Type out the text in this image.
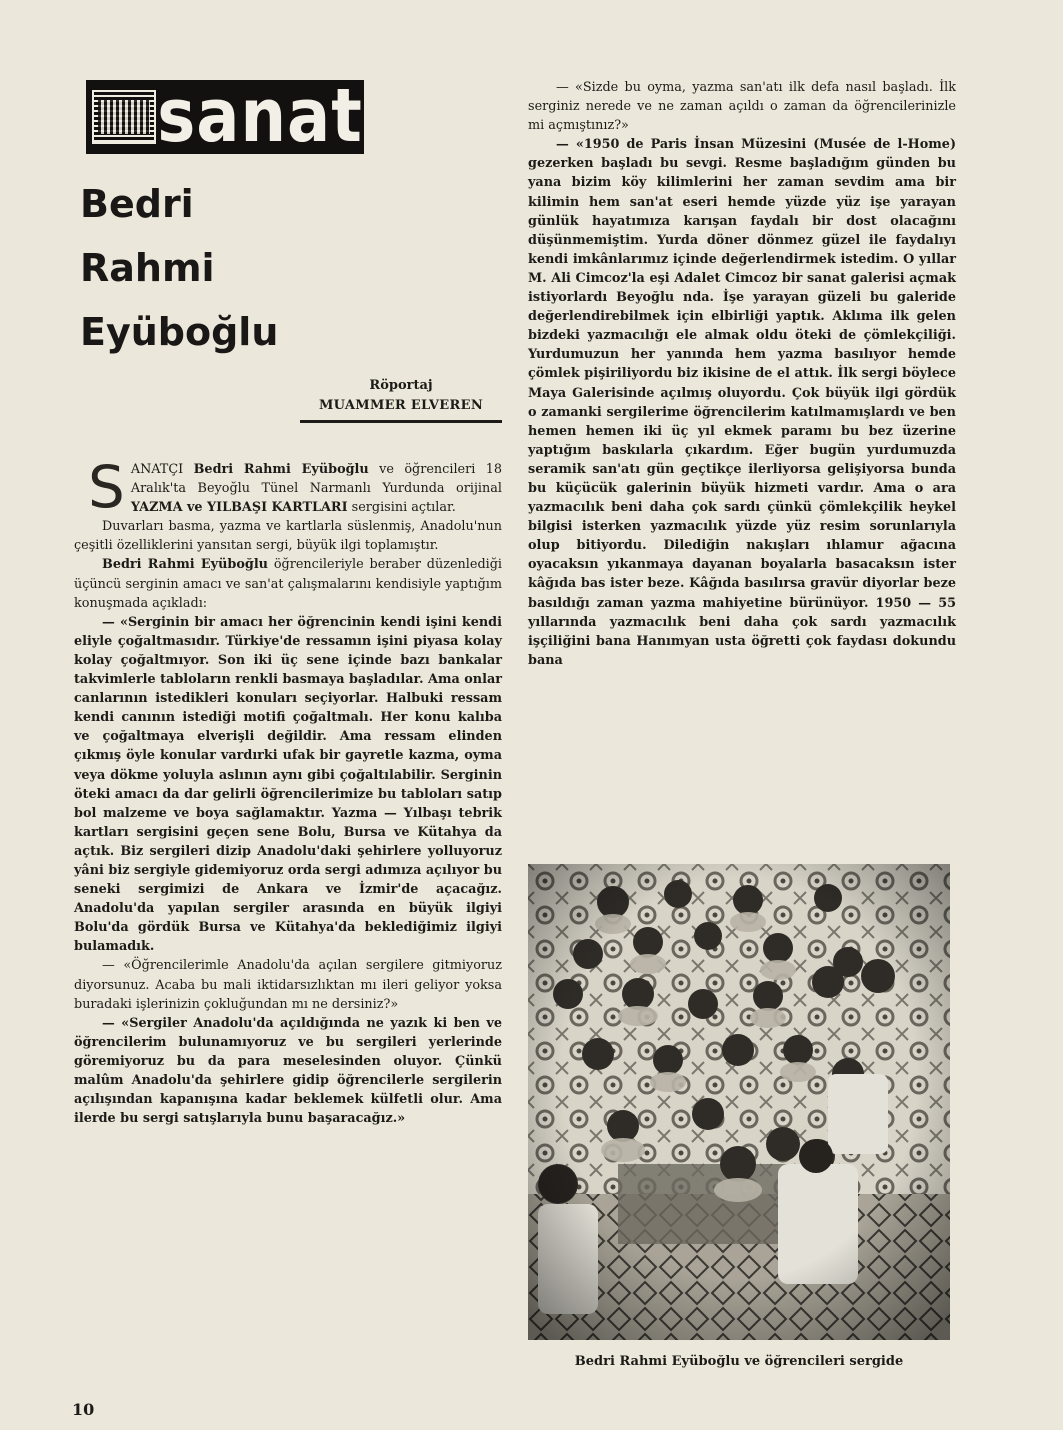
sanat
Bedri
Rahmi
Eyüboğlu
Röportaj
MUAMMER ELVEREN

SANATÇI Bedri Rahmi Eyüboğlu ve öğrencileri 18 Aralık'ta Beyoğlu Tünel Narmanlı Yurdunda orijinal YAZMA ve YILBAŞI KARTLARI sergisini açtılar.

Duvarları basma, yazma ve kartlarla süslenmiş, Anadolu'nun çeşitli özelliklerini yansıtan sergi, büyük ilgi toplamıştır.

Bedri Rahmi Eyüboğlu öğrencileriyle beraber düzenlediği üçüncü serginin amacı ve san'at çalışmalarını kendisiyle yaptığım konuşmada açıkladı:

— «Serginin bir amacı her öğrencinin kendi işini kendi eliyle çoğaltmasıdır. Türkiye'de ressamın işini piyasa kolay kolay çoğaltmıyor. Son iki üç sene içinde bazı bankalar takvimlerle tabloların renkli basmaya başladılar. Ama onlar canlarının istedikleri konuları seçiyorlar. Halbuki ressam kendi canının istediği motifi çoğaltmalı. Her konu kalıba ve çoğaltmaya elverişli değildir. Ama ressam elinden çıkmış öyle konular vardırki ufak bir gayretle kazma, oyma veya dökme yoluyla aslının aynı gibi çoğaltılabilir. Serginin öteki amacı da dar gelirli öğrencilerimize bu tabloları satıp bol malzeme ve boya sağlamaktır. Yazma — Yılbaşı tebrik kartları sergisini geçen sene Bolu, Bursa ve Kütahya da açtık. Biz sergileri dizip Anadolu'daki şehirlere yolluyoruz yâni biz sergiyle gidemiyoruz orda sergi adımıza açılıyor bu seneki sergimizi de Ankara ve İzmir'de açacağız. Anadolu'da yapılan sergiler arasında en büyük ilgiyi Bolu'da gördük Bursa ve Kütahya'da beklediğimiz ilgiyi bulamadık.

— «Öğrencilerimle Anadolu'da açılan sergilere gitmiyoruz diyorsunuz. Acaba bu mali iktidarsızlıktan mı ileri geliyor yoksa buradaki işlerinizin çokluğundan mı ne dersiniz?»

— «Sergiler Anadolu'da açıldığında ne yazık ki ben ve öğrencilerim bulunamıyoruz ve bu sergileri yerlerinde göremiyoruz bu da para meselesinden oluyor. Çünkü malûm Anadolu'da şehirlere gidip öğrencilerle sergilerin açılışından kapanışına kadar beklemek külfetli olur. Ama ilerde bu sergi satışlarıyla bunu başaracağız.»

— «Sizde bu oyma, yazma san'atı ilk defa nasıl başladı. İlk serginiz nerede ve ne zaman açıldı o zaman da öğrencilerinizle mi açmıştınız?»

— «1950 de Paris İnsan Müzesini (Musée de l-Home) gezerken başladı bu sevgi. Resme başladığım günden bu yana bizim köy kilimlerini her zaman sevdim ama bir kilimin hem san'at eseri hemde yüzde yüz işe yarayan günlük hayatımıza karışan faydalı bir dost olacağını düşünmemiştim. Yurda döner dönmez güzel ile faydalıyı kendi imkânlarımız içinde değerlendirmek istedim. O yıllar M. Ali Cimcoz'la eşi Adalet Cimcoz bir sanat galerisi açmak istiyorlardı Beyoğlu nda. İşe yarayan güzeli bu galeride değerlendirebilmek için elbirliği yaptık. Aklıma ilk gelen bizdeki yazmacılığı ele almak oldu öteki de çömlekçiliği. Yurdumuzun her yanında hem yazma basılıyor hemde çömlek pişiriliyordu biz ikisine de el attık. İlk sergi böylece Maya Galerisinde açılmış oluyordu. Çok büyük ilgi gördük o zamanki sergilerime öğrencilerim katılmamışlardı ve ben hemen hemen iki üç yıl ekmek paramı bu bez üzerine yaptığım baskılarla çıkardım. Eğer bugün yurdumuzda seramik san'atı gün geçtikçe ilerliyorsa gelişiyorsa bunda bu küçücük galerinin büyük hizmeti vardır. Ama o ara yazmacılık beni daha çok sardı çünkü çömlekçilik heykel bilgisi isterken yazmacılık yüzde yüz resim sorunlarıyla olup bitiyordu. Dilediğin nakışları ıhlamur ağacına oyacaksın yıkanmaya dayanan boyalarla basacaksın ister kâğıda bas ister beze. Kâğıda basılırsa gravür diyorlar beze basıldığı zaman yazma mahiyetine bürünüyor. 1950 — 55 yıllarında yazmacılık beni daha çok sardı yazmacılık işçiliğini bana Hanımyan usta öğretti çok faydası dokundu bana

Bedri Rahmi Eyüboğlu ve öğrencileri sergide
10
